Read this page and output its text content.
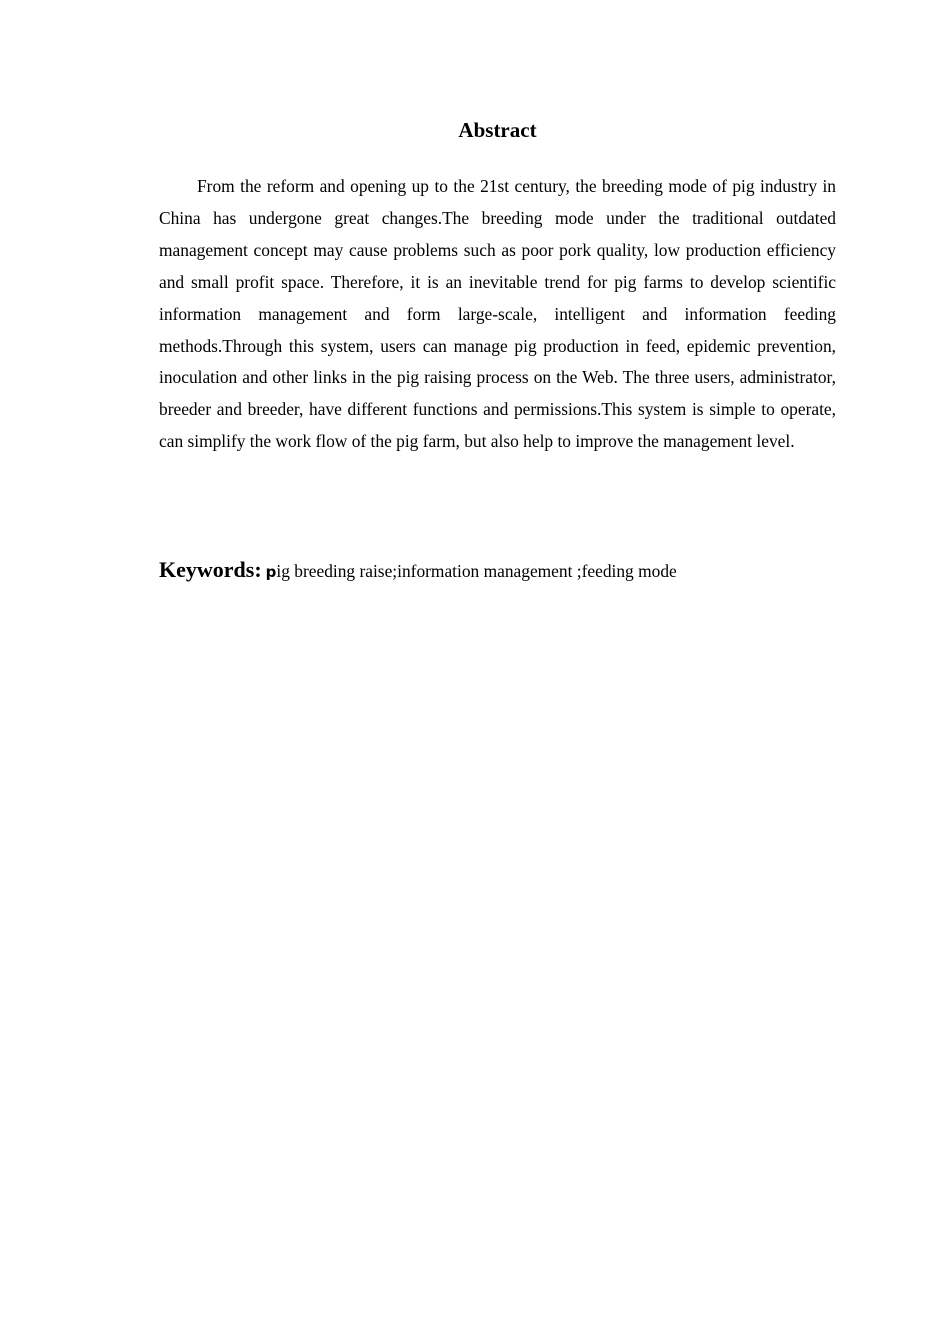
Abstract

From the reform and opening up to the 21st century, the breeding mode of pig industry in China has undergone great changes.The breeding mode under the traditional outdated management concept may cause problems such as poor pork quality, low production efficiency and small profit space. Therefore, it is an inevitable trend for pig farms to develop scientific information management and form large-scale, intelligent and information feeding methods.Through this system, users can manage pig production in feed, epidemic prevention, inoculation and other links in the pig raising process on the Web. The three users, administrator, breeder and breeder, have different functions and permissions.This system is simple to operate, can simplify the work flow of the pig farm, but also help to improve the management level.

Keywords: pig breeding raise;information management ;feeding mode
